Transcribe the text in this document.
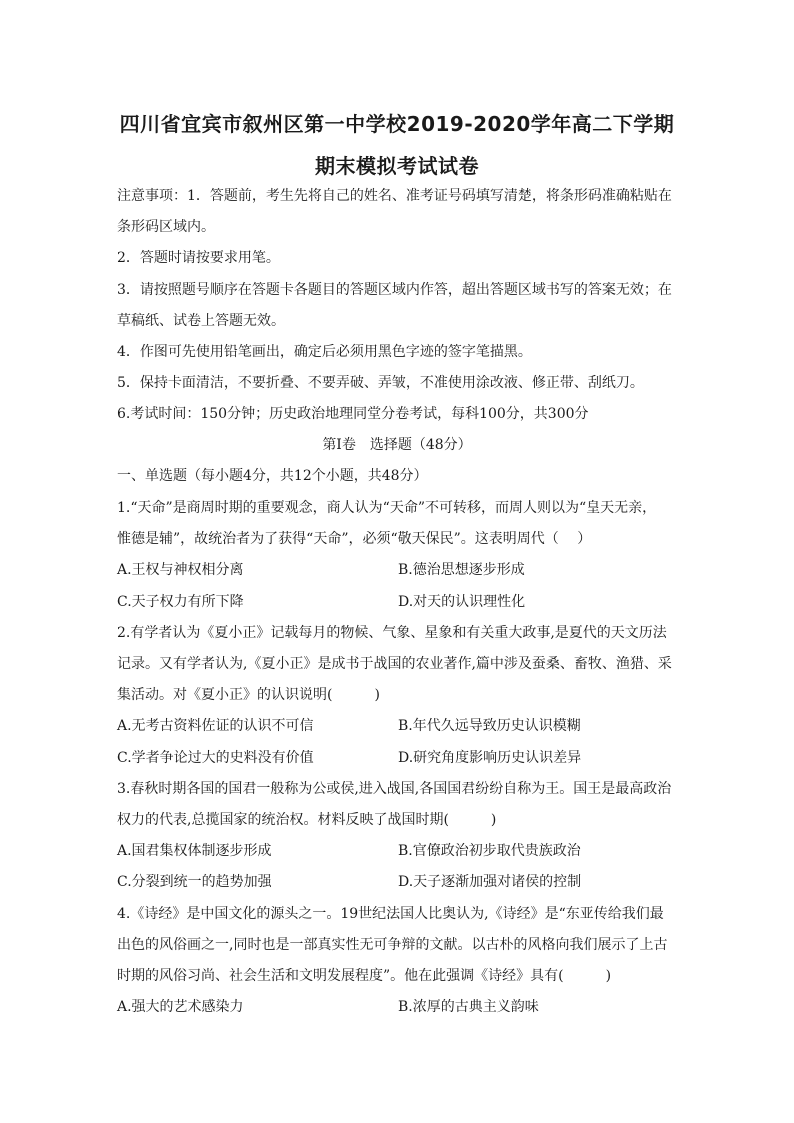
四川省宜宾市叙州区第一中学校2019-2020学年高二下学期
期末模拟考试试卷
注意事项：1．答题前，考生先将自己的姓名、准考证号码填写清楚，将条形码准确粘贴在
条形码区域内。
2．答题时请按要求用笔。
3．请按照题号顺序在答题卡各题目的答题区域内作答，超出答题区域书写的答案无效；在
草稿纸、试卷上答题无效。
4．作图可先使用铅笔画出，确定后必须用黑色字迹的签字笔描黑。
5．保持卡面清洁，不要折叠、不要弄破、弄皱，不准使用涂改液、修正带、刮纸刀。
6.考试时间：150分钟；历史政治地理同堂分卷考试，每科100分，共300分
第Ⅰ卷　选择题（48分）
一、单选题（每小题4分，共12个小题，共48分）
1.“天命”是商周时期的重要观念，商人认为“天命”不可转移，而周人则以为“皇天无亲，
惟德是辅”，故统治者为了获得“天命”，必须“敬天保民”。这表明周代（　 ）
A.王权与神权相分离	B.德治思想逐步形成
C.天子权力有所下降	D.对天的认识理性化
2.有学者认为《夏小正》记载每月的物候、气象、星象和有关重大政事,是夏代的天文历法
记录。又有学者认为,《夏小正》是成书于战国的农业著作,篇中涉及蚕桑、畜牧、渔猎、采
集活动。对《夏小正》的认识说明(　　　)
A.无考古资料佐证的认识不可信	B.年代久远导致历史认识模糊
C.学者争论过大的史料没有价值	D.研究角度影响历史认识差异
3.春秋时期各国的国君一般称为公或侯,进入战国,各国国君纷纷自称为王。国王是最高政治
权力的代表,总揽国家的统治权。材料反映了战国时期(　　　)
A.国君集权体制逐步形成	B.官僚政治初步取代贵族政治
C.分裂到统一的趋势加强	D.天子逐渐加强对诸侯的控制
4.《诗经》是中国文化的源头之一。19世纪法国人比奥认为,《诗经》是“东亚传给我们最
出色的风俗画之一,同时也是一部真实性无可争辩的文献。以古朴的风格向我们展示了上古
时期的风俗习尚、社会生活和文明发展程度”。他在此强调《诗经》具有(　　　)
A.强大的艺术感染力	B.浓厚的古典主义韵味
